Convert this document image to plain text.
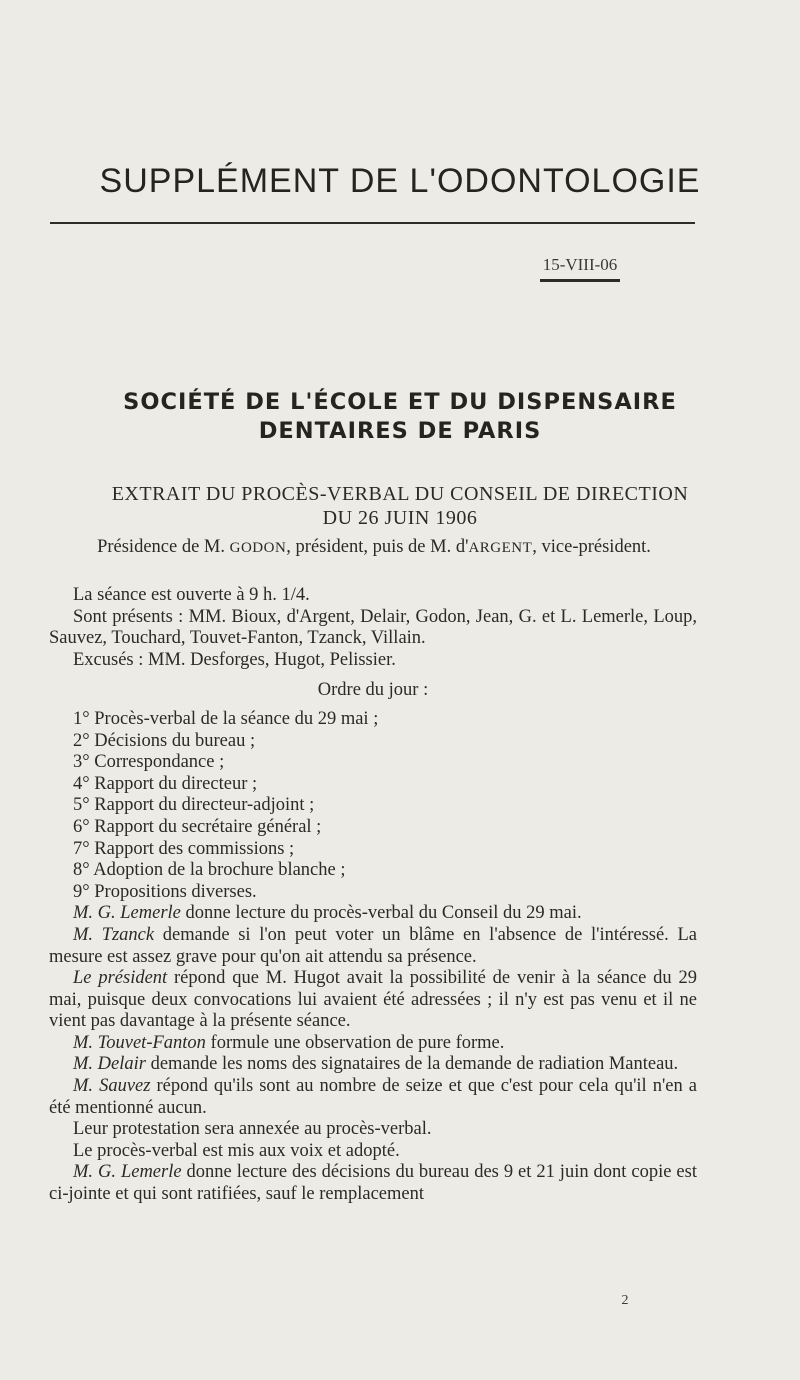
SUPPLÉMENT DE L'ODONTOLOGIE
15-VIII-06
SOCIÉTÉ DE L'ÉCOLE ET DU DISPENSAIRE
DENTAIRES DE PARIS
EXTRAIT DU PROCÈS-VERBAL DU CONSEIL DE DIRECTION
DU 26 JUIN 1906
Présidence de M. GODON, président, puis de M. d'ARGENT, vice-président.

La séance est ouverte à 9 h. 1/4.

Sont présents : MM. Bioux, d'Argent, Delair, Godon, Jean, G. et L. Lemerle, Loup, Sauvez, Touchard, Touvet-Fanton, Tzanck, Villain.

Excusés : MM. Desforges, Hugot, Pelissier.

Ordre du jour :

1° Procès-verbal de la séance du 29 mai ;
2° Décisions du bureau ;
3° Correspondance ;
4° Rapport du directeur ;
5° Rapport du directeur-adjoint ;
6° Rapport du secrétaire général ;
7° Rapport des commissions ;
8° Adoption de la brochure blanche ;
9° Propositions diverses.

M. G. Lemerle donne lecture du procès-verbal du Conseil du 29 mai.

M. Tzanck demande si l'on peut voter un blâme en l'absence de l'intéressé. La mesure est assez grave pour qu'on ait attendu sa présence.

Le président répond que M. Hugot avait la possibilité de venir à la séance du 29 mai, puisque deux convocations lui avaient été adressées ; il n'y est pas venu et il ne vient pas davantage à la présente séance.

M. Touvet-Fanton formule une observation de pure forme.

M. Delair demande les noms des signataires de la demande de radiation Manteau.

M. Sauvez répond qu'ils sont au nombre de seize et que c'est pour cela qu'il n'en a été mentionné aucun.

Leur protestation sera annexée au procès-verbal.

Le procès-verbal est mis aux voix et adopté.

M. G. Lemerle donne lecture des décisions du bureau des 9 et 21 juin dont copie est ci-jointe et qui sont ratifiées, sauf le remplacement

2
